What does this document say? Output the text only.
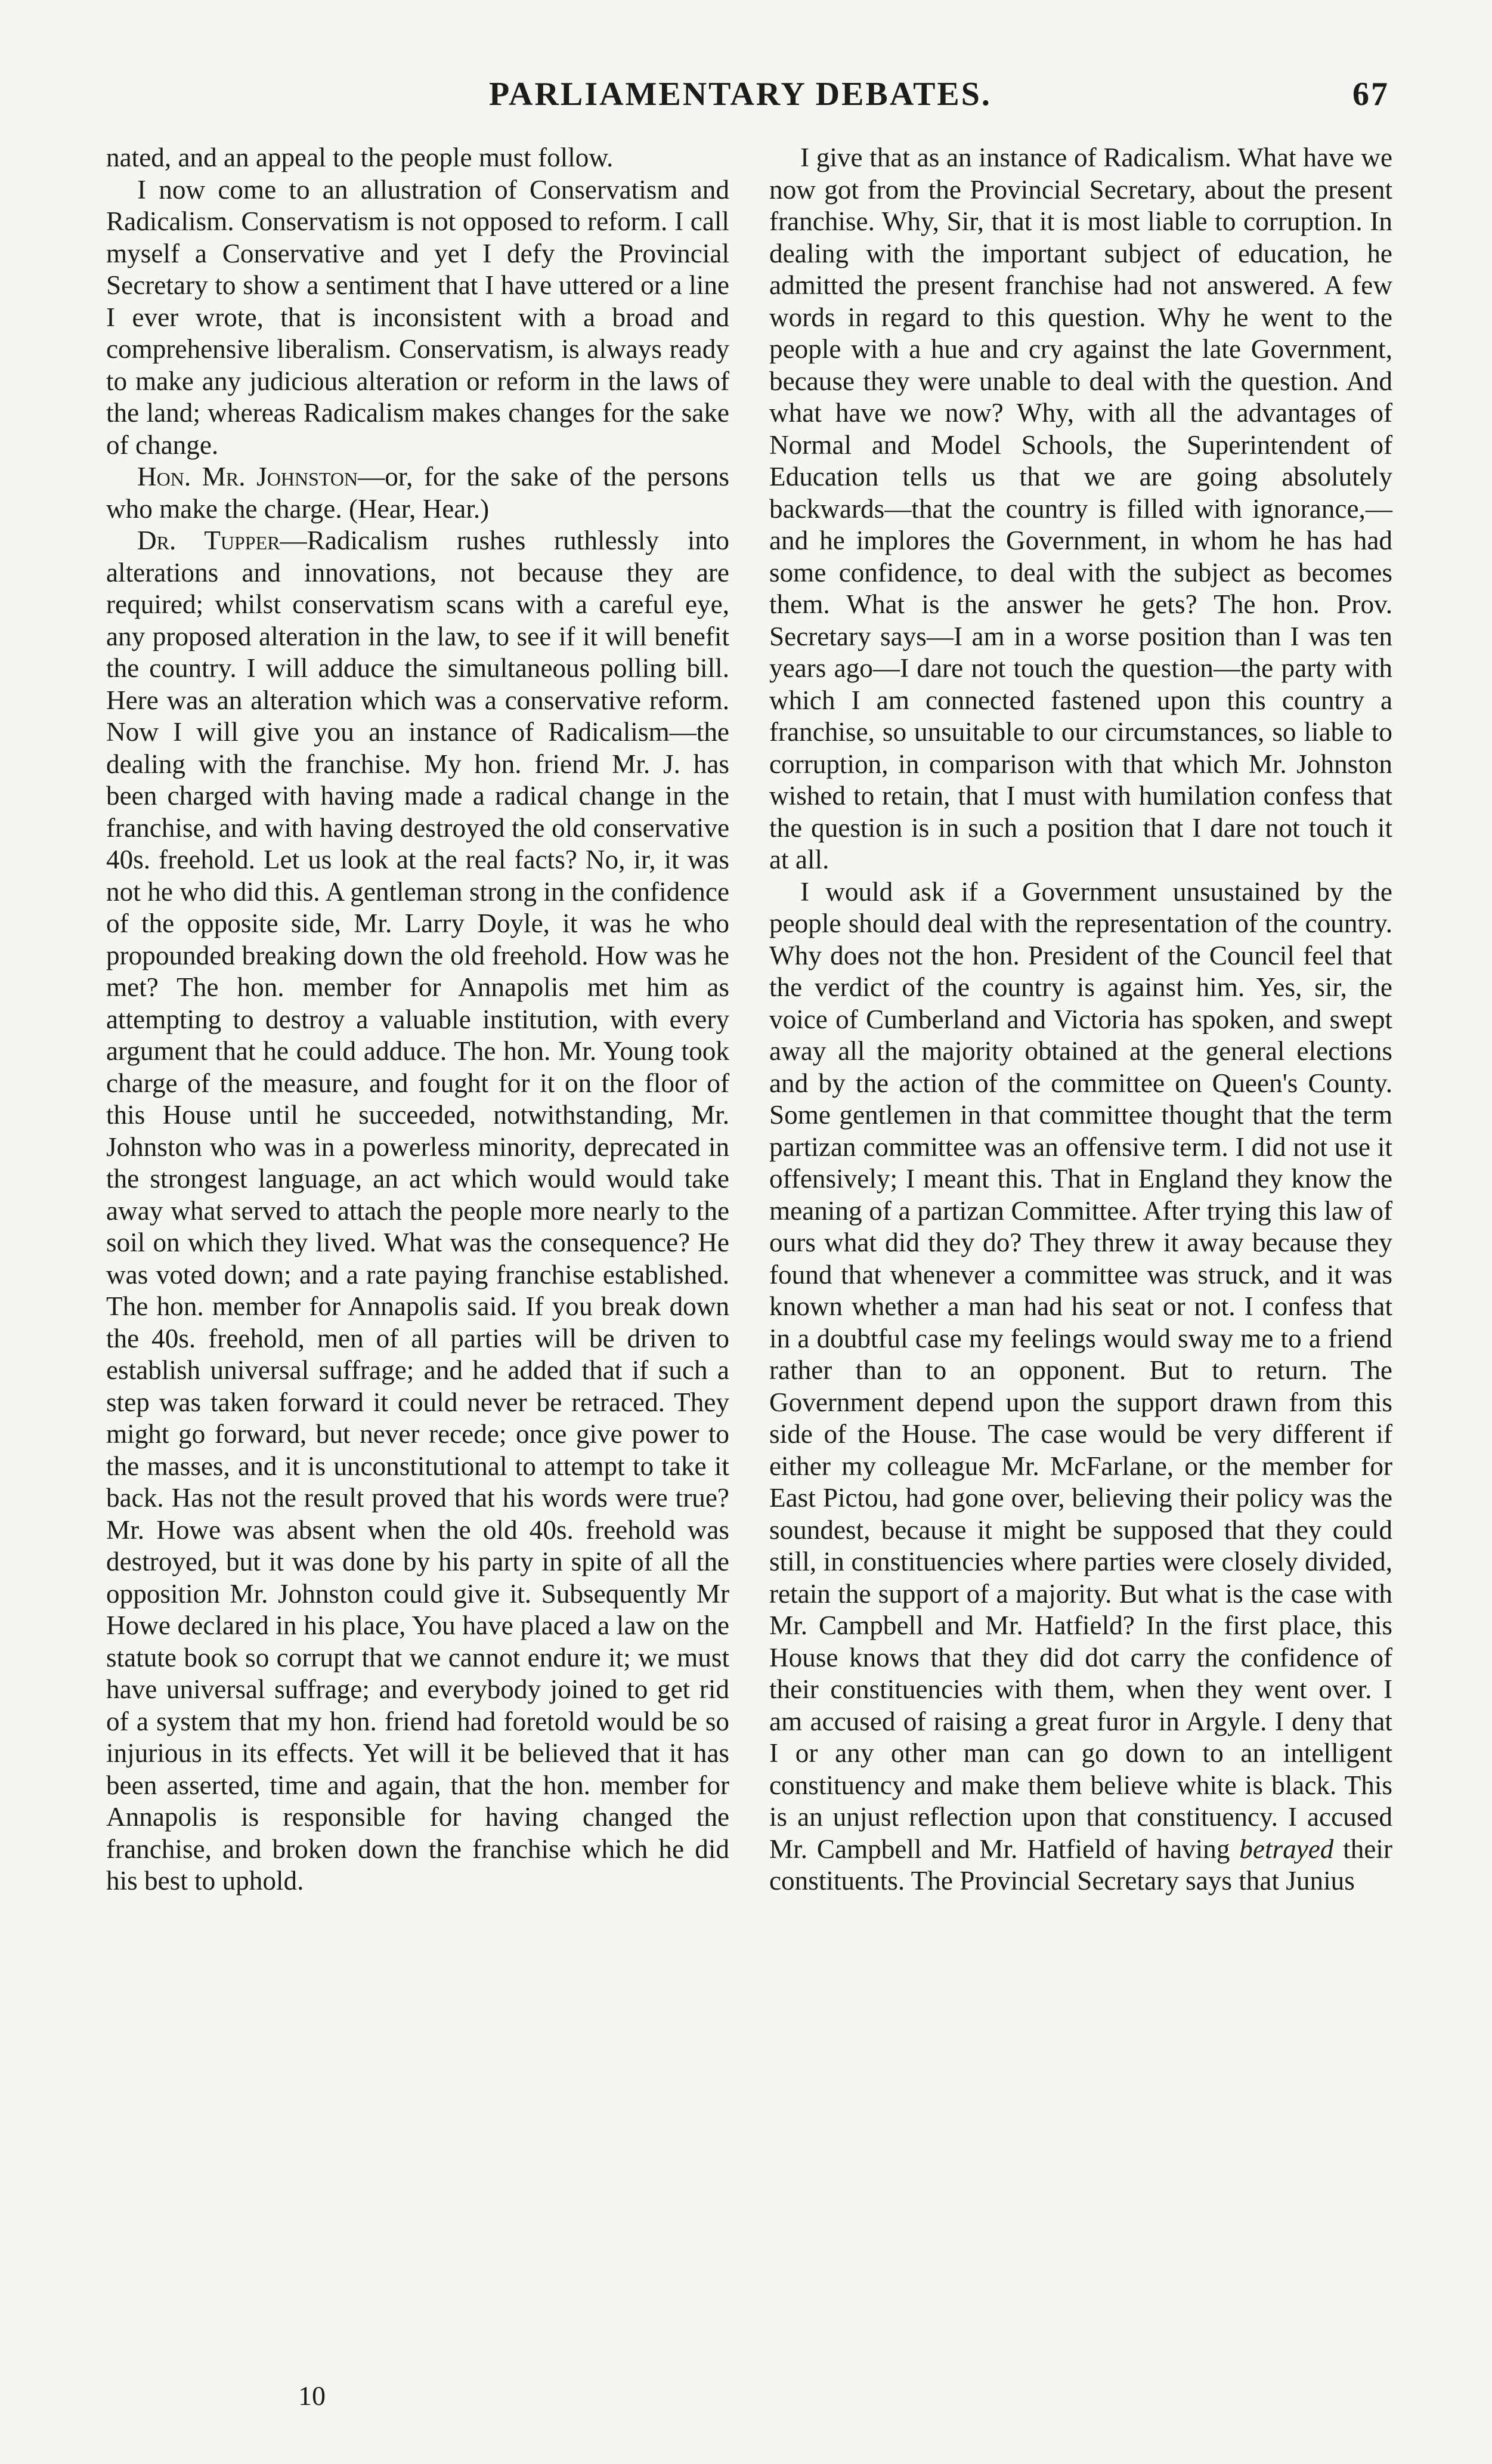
PARLIAMENTARY DEBATES.	67

nated, and an appeal to the people must follow.

I now come to an allustration of Conservatism and Radicalism. Conservatism is not opposed to reform. I call myself a Conservative and yet I defy the Provincial Secretary to show a sentiment that I have uttered or a line I ever wrote, that is inconsistent with a broad and comprehensive liberalism. Conservatism, is always ready to make any judicious alteration or reform in the laws of the land; whereas Radicalism makes changes for the sake of change.

Hon. Mr. Johnston—or, for the sake of the persons who make the charge. (Hear, Hear.)

Dr. Tupper—Radicalism rushes ruthlessly into alterations and innovations, not because they are required; whilst conservatism scans with a careful eye, any proposed alteration in the law, to see if it will benefit the country. I will adduce the simultaneous polling bill. Here was an alteration which was a conservative reform. Now I will give you an instance of Radicalism—the dealing with the franchise. My hon. friend Mr. J. has been charged with having made a radical change in the franchise, and with having destroyed the old conservative 40s. freehold. Let us look at the real facts? No, ir, it was not he who did this. A gentleman strong in the confidence of the opposite side, Mr. Larry Doyle, it was he who propounded breaking down the old freehold. How was he met? The hon. member for Annapolis met him as attempting to destroy a valuable institution, with every argument that he could adduce. The hon. Mr. Young took charge of the measure, and fought for it on the floor of this House until he succeeded, notwithstanding, Mr. Johnston who was in a powerless minority, deprecated in the strongest language, an act which would would take away what served to attach the people more nearly to the soil on which they lived. What was the consequence? He was voted down; and a rate paying franchise established. The hon. member for Annapolis said. If you break down the 40s. freehold, men of all parties will be driven to establish universal suffrage; and he added that if such a step was taken forward it could never be retraced. They might go forward, but never recede; once give power to the masses, and it is unconstitutional to attempt to take it back. Has not the result proved that his words were true? Mr. Howe was absent when the old 40s. freehold was destroyed, but it was done by his party in spite of all the opposition Mr. Johnston could give it. Subsequently Mr Howe declared in his place, You have placed a law on the statute book so corrupt that we cannot endure it; we must have universal suffrage; and everybody joined to get rid of a system that my hon. friend had foretold would be so injurious in its effects. Yet will it be believed that it has been asserted, time and again, that the hon. member for Annapolis is responsible for having changed the franchise, and broken down the franchise which he did his best to uphold.

I give that as an instance of Radicalism. What have we now got from the Provincial Secretary, about the present franchise. Why, Sir, that it is most liable to corruption. In dealing with the important subject of education, he admitted the present franchise had not answered. A few words in regard to this question. Why he went to the people with a hue and cry against the late Government, because they were unable to deal with the question. And what have we now? Why, with all the advantages of Normal and Model Schools, the Superintendent of Education tells us that we are going absolutely backwards—that the country is filled with ignorance,—and he implores the Government, in whom he has had some confidence, to deal with the subject as becomes them. What is the answer he gets? The hon. Prov. Secretary says—I am in a worse position than I was ten years ago—I dare not touch the question—the party with which I am connected fastened upon this country a franchise, so unsuitable to our circumstances, so liable to corruption, in comparison with that which Mr. Johnston wished to retain, that I must with humilation confess that the question is in such a position that I dare not touch it at all.

I would ask if a Government unsustained by the people should deal with the representation of the country. Why does not the hon. President of the Council feel that the verdict of the country is against him. Yes, sir, the voice of Cumberland and Victoria has spoken, and swept away all the majority obtained at the general elections and by the action of the committee on Queen's County. Some gentlemen in that committee thought that the term partizan committee was an offensive term. I did not use it offensively; I meant this. That in England they know the meaning of a partizan Committee. After trying this law of ours what did they do? They threw it away because they found that whenever a committee was struck, and it was known whether a man had his seat or not. I confess that in a doubtful case my feelings would sway me to a friend rather than to an opponent. But to return. The Government depend upon the support drawn from this side of the House. The case would be very different if either my colleague Mr. McFarlane, or the member for East Pictou, had gone over, believing their policy was the soundest, because it might be supposed that they could still, in constituencies where parties were closely divided, retain the support of a majority. But what is the case with Mr. Campbell and Mr. Hatfield? In the first place, this House knows that they did dot carry the confidence of their constituencies with them, when they went over. I am accused of raising a great furor in Argyle. I deny that I or any other man can go down to an intelligent constituency and make them believe white is black. This is an unjust reflection upon that constituency. I accused Mr. Campbell and Mr. Hatfield of having betrayed their constituents. The Provincial Secretary says that Junius

10
